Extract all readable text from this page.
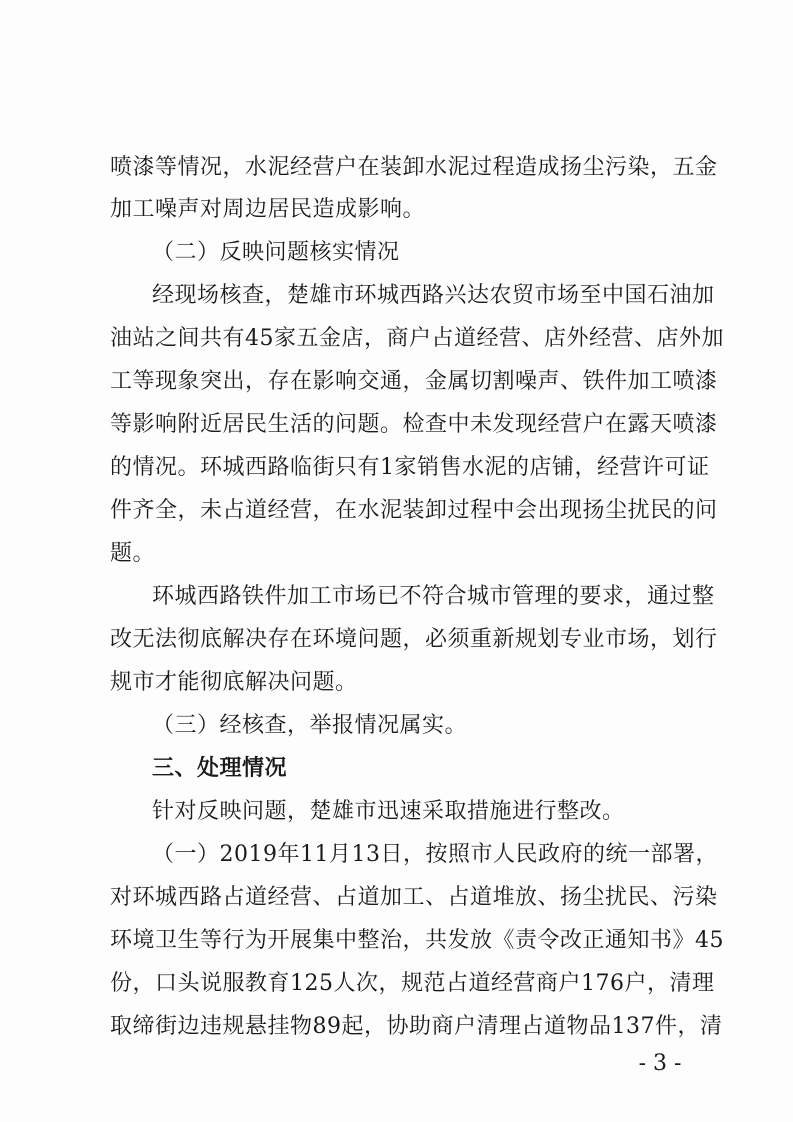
喷漆等情况，水泥经营户在装卸水泥过程造成扬尘污染，五金
加工噪声对周边居民造成影响。
（二）反映问题核实情况
经现场核查，楚雄市环城西路兴达农贸市场至中国石油加
油站之间共有45家五金店，商户占道经营、店外经营、店外加
工等现象突出，存在影响交通，金属切割噪声、铁件加工喷漆
等影响附近居民生活的问题。检查中未发现经营户在露天喷漆
的情况。环城西路临街只有1家销售水泥的店铺，经营许可证
件齐全，未占道经营，在水泥装卸过程中会出现扬尘扰民的问
题。
环城西路铁件加工市场已不符合城市管理的要求，通过整
改无法彻底解决存在环境问题，必须重新规划专业市场，划行
规市才能彻底解决问题。
（三）经核查，举报情况属实。
三、处理情况
针对反映问题，楚雄市迅速采取措施进行整改。
（一）2019年11月13日，按照市人民政府的统一部署，
对环城西路占道经营、占道加工、占道堆放、扬尘扰民、污染
环境卫生等行为开展集中整治，共发放《责令改正通知书》45
份，口头说服教育125人次，规范占道经营商户176户，清理
取缔街边违规悬挂物89起，协助商户清理占道物品137件，清
- 3 -
